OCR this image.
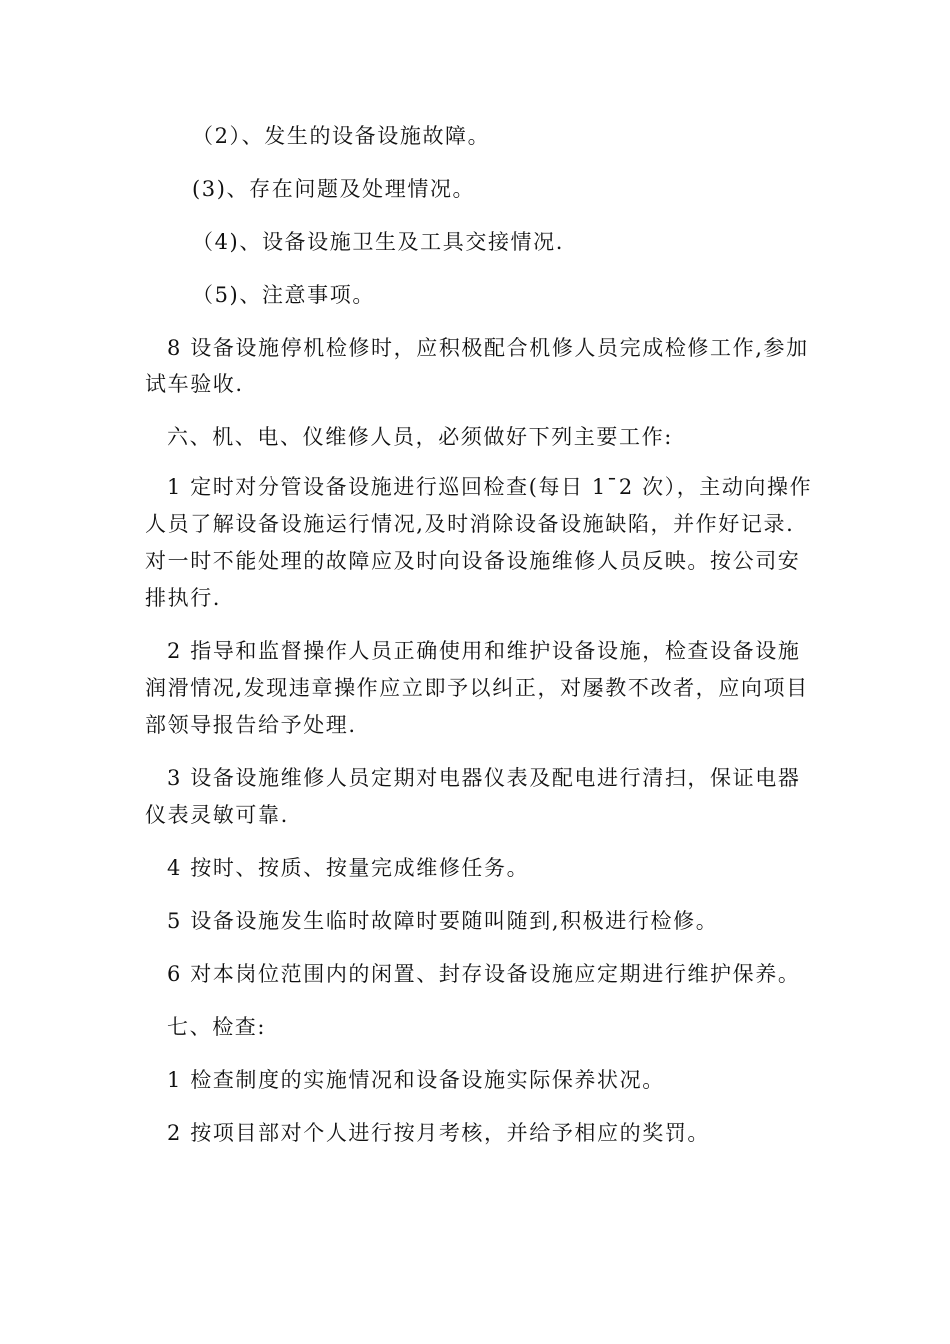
（2）、发生的设备设施故障。
(3)、存在问题及处理情况。
（4)、设备设施卫生及工具交接情况.
（5)、注意事项。
8 设备设施停机检修时，应积极配合机修人员完成检修工作,参加
试车验收.
六、机、电、仪维修人员，必须做好下列主要工作:
1 定时对分管设备设施进行巡回检查(每日 1¯2 次），主动向操作
人员了解设备设施运行情况,及时消除设备设施缺陷，并作好记录.
对一时不能处理的故障应及时向设备设施维修人员反映。按公司安
排执行.
2 指导和监督操作人员正确使用和维护设备设施，检查设备设施
润滑情况,发现违章操作应立即予以纠正，对屡教不改者，应向项目
部领导报告给予处理.
3 设备设施维修人员定期对电器仪表及配电进行清扫，保证电器
仪表灵敏可靠.
4 按时、按质、按量完成维修任务。
5 设备设施发生临时故障时要随叫随到,积极进行检修。
6 对本岗位范围内的闲置、封存设备设施应定期进行维护保养。
七、检查:
1 检查制度的实施情况和设备设施实际保养状况。
2 按项目部对个人进行按月考核，并给予相应的奖罚。
